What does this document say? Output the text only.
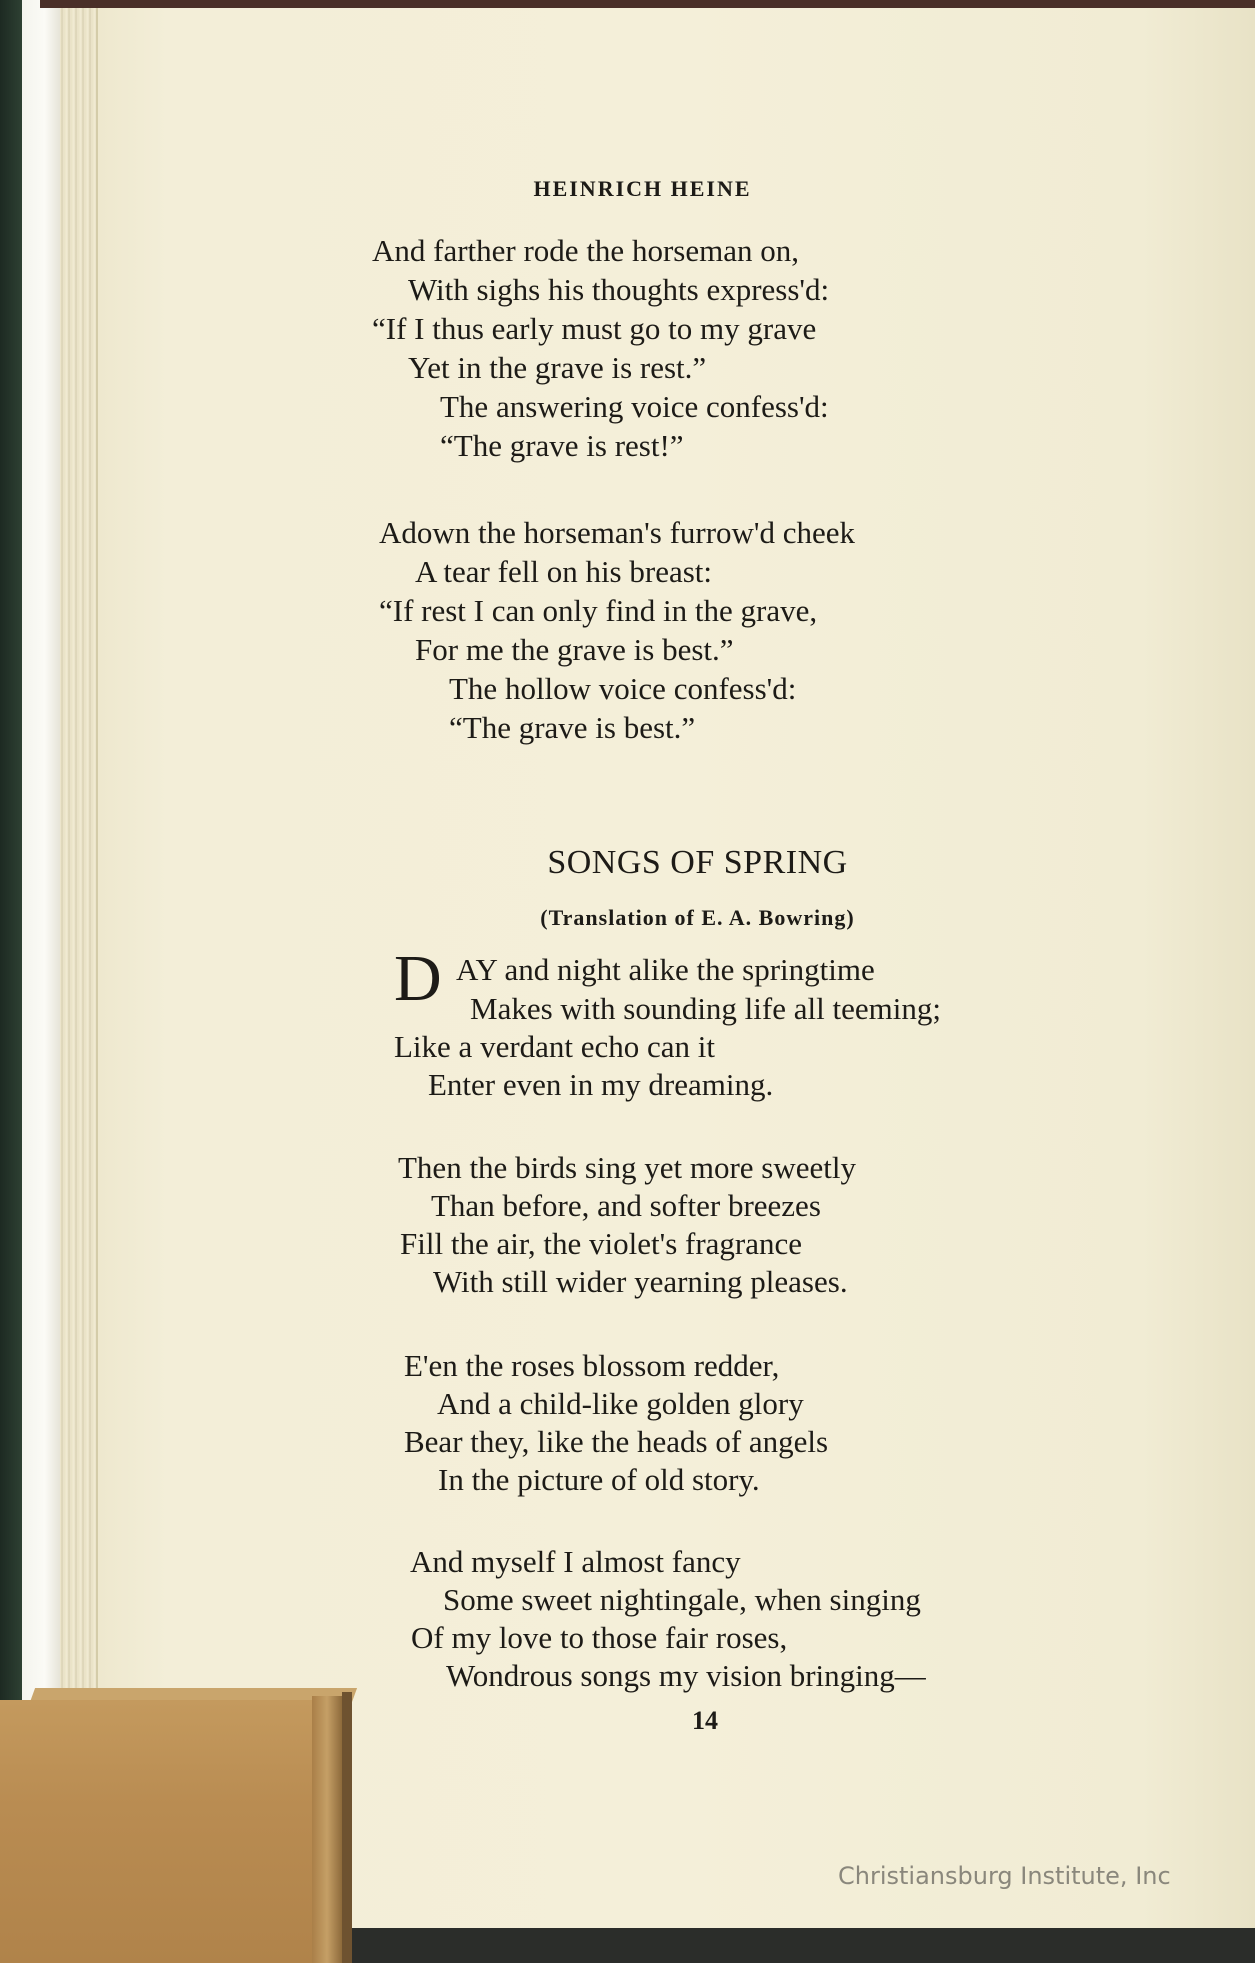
HEINRICH HEINE
And farther rode the horseman on,
With sighs his thoughts express'd:
“If I thus early must go to my grave
Yet in the grave is rest.”
The answering voice confess'd:
“The grave is rest!”
Adown the horseman's furrow'd cheek
A tear fell on his breast:
“If rest I can only find in the grave,
For me the grave is best.”
The hollow voice confess'd:
“The grave is best.”
SONGS OF SPRING
(Translation of E. A. Bowring)
D AY and night alike the springtime
Makes with sounding life all teeming;
Like a verdant echo can it
Enter even in my dreaming.
Then the birds sing yet more sweetly
Than before, and softer breezes
Fill the air, the violet's fragrance
With still wider yearning pleases.
E'en the roses blossom redder,
And a child-like golden glory
Bear they, like the heads of angels
In the picture of old story.
And myself I almost fancy
Some sweet nightingale, when singing
Of my love to those fair roses,
Wondrous songs my vision bringing—
14
Christiansburg Institute, Inc
